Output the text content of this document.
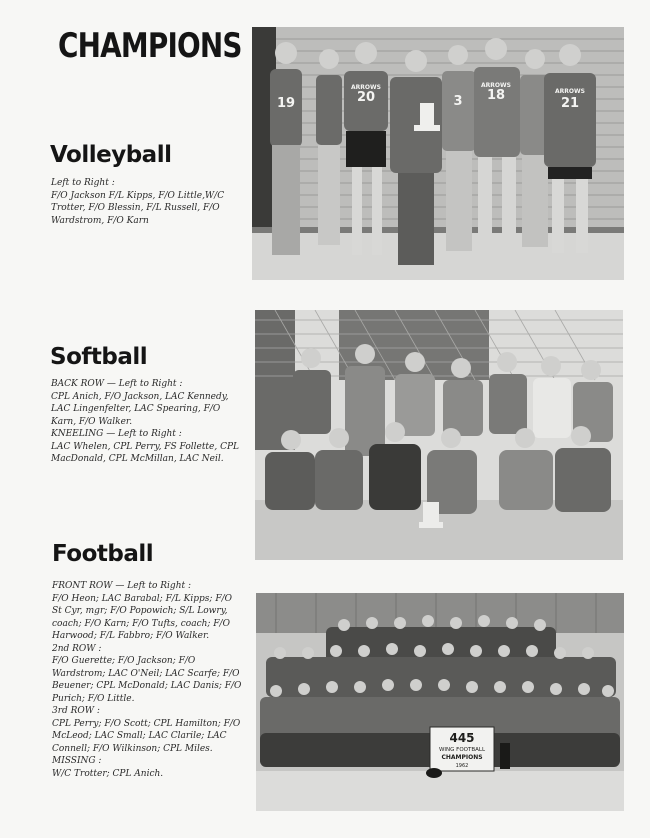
CHAMPIONS
Volleyball
Left to Right :
F/O Jackson F/L Kipps, F/O Little,W/C Trotter, F/O Blessin, F/L Russell, F/O Wardstrom, F/O Karn
19	20	3 18
21
ARROWS	ARROWS
ARROWS
Softball
BACK ROW — Left to Right :
CPL Anich, F/O Jackson, LAC Kennedy, LAC Lingenfelter, LAC Spearing, F/O Karn, F/O Walker.
KNEELING — Left to Right :
LAC Whelen, CPL Perry, FS Follette, CPL MacDonald, CPL McMillan, LAC Neil.
Football
FRONT ROW — Left to Right :
F/O Heon; LAC Barabal; F/L Kipps; F/O St Cyr, mgr; F/O Popowich; S/L Lowry, coach; F/O Karn; F/O Tufts, coach; F/O Harwood; F/L Fabbro; F/O Walker.
2nd ROW :
F/O Guerette; F/O Jackson; F/O Wardstrom; LAC O'Neil; LAC Scarfe; F/O Beuener; CPL McDonald; LAC Danis; F/O Purich; F/O Little.
3rd ROW :
CPL Perry; F/O Scott; CPL Hamilton; F/O McLeod; LAC Small; LAC Clarile; LAC Connell; F/O Wilkinson; CPL Miles.
MISSING :
W/C Trotter; CPL Anich.
445
WING FOOTBALL
CHAMPIONS
1962
